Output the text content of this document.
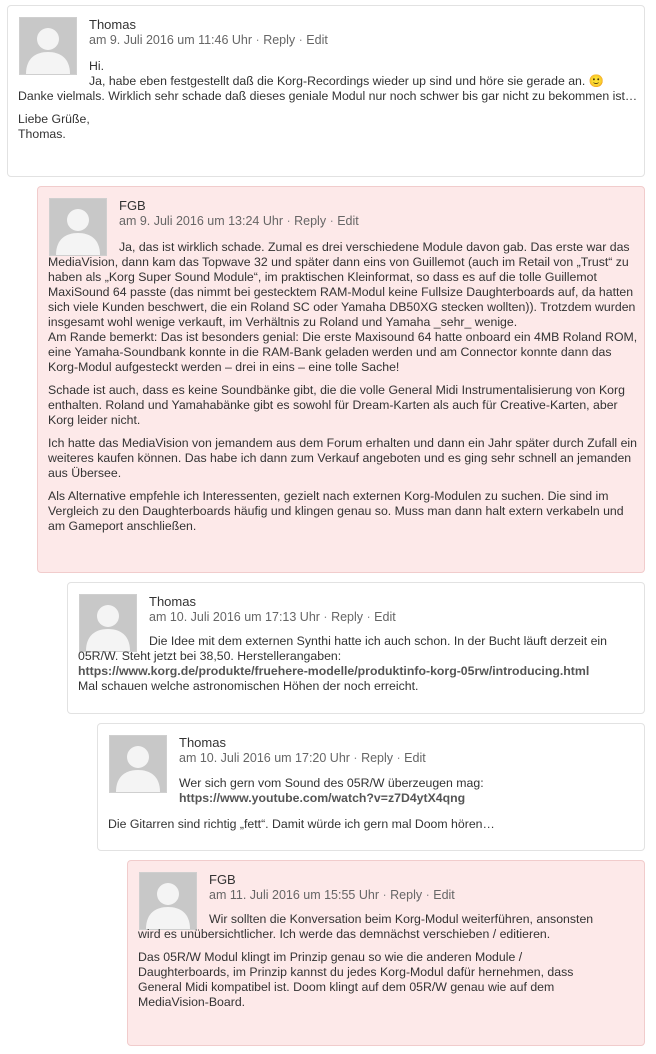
Thomas
am 9. Juli 2016 um 11:46 Uhr · Reply · Edit
Hi.

Ja, habe eben festgestellt daß die Korg-Recordings wieder up sind und höre sie gerade an. 🙂 Danke vielmals. Wirklich sehr schade daß dieses geniale Modul nur noch schwer bis gar nicht zu bekommen ist…

Liebe Grüße,
Thomas.
FGB
am 9. Juli 2016 um 13:24 Uhr · Reply · Edit
Ja, das ist wirklich schade. Zumal es drei verschiedene Module davon gab. Das erste war das MediaVision, dann kam das Topwave 32 und später dann eins von Guillemot (auch im Retail von „Trust“ zu haben als „Korg Super Sound Module“, im praktischen Kleinformat, so dass es auf die tolle Guillemot MaxiSound 64 passte (das nimmt bei gestecktem RAM-Modul keine Fullsize Daughterboards auf, da hatten sich viele Kunden beschwert, die ein Roland SC oder Yamaha DB50XG stecken wollten)). Trotzdem wurden insgesamt wohl wenige verkauft, im Verhältnis zu Roland und Yamaha _sehr_ wenige.

Am Rande bemerkt: Das ist besonders genial: Die erste Maxisound 64 hatte onboard ein 4MB Roland ROM, eine Yamaha-Soundbank konnte in die RAM-Bank geladen werden und am Connector konnte dann das Korg-Modul aufgesteckt werden – drei in eins – eine tolle Sache!

Schade ist auch, dass es keine Soundbänke gibt, die die volle General Midi Instrumentalisierung von Korg enthalten. Roland und Yamahabänke gibt es sowohl für Dream-Karten als auch für Creative-Karten, aber Korg leider nicht.

Ich hatte das MediaVision von jemandem aus dem Forum erhalten und dann ein Jahr später durch Zufall ein weiteres kaufen können. Das habe ich dann zum Verkauf angeboten und es ging sehr schnell an jemanden aus Übersee.

Als Alternative empfehle ich Interessenten, gezielt nach externen Korg-Modulen zu suchen. Die sind im Vergleich zu den Daughterboards häufig und klingen genau so. Muss man dann halt extern verkabeln und am Gameport anschließen.

Thomas
am 10. Juli 2016 um 17:13 Uhr · Reply · Edit
Die Idee mit dem externen Synthi hatte ich auch schon. In der Bucht läuft derzeit ein 05R/W. Steht jetzt bei 38,50. Herstellerangaben:
https://www.korg.de/produkte/fruehere-modelle/produktinfo-korg-05rw/introducing.html
Mal schauen welche astronomischen Höhen der noch erreicht.
Thomas
am 10. Juli 2016 um 17:20 Uhr · Reply · Edit
Wer sich gern vom Sound des 05R/W überzeugen mag:
https://www.youtube.com/watch?v=z7D4ytX4qng
Die Gitarren sind richtig „fett“. Damit würde ich gern mal Doom hören…
FGB
am 11. Juli 2016 um 15:55 Uhr · Reply · Edit

Wir sollten die Konversation beim Korg-Modul weiterführen, ansonsten wird es unübersichtlicher. Ich werde das demnächst verschieben / editieren.

Das 05R/W Modul klingt im Prinzip genau so wie die anderen Module / Daughterboards, im Prinzip kannst du jedes Korg-Modul dafür hernehmen, dass General Midi kompatibel ist. Doom klingt auf dem 05R/W genau wie auf dem MediaVision-Board.
